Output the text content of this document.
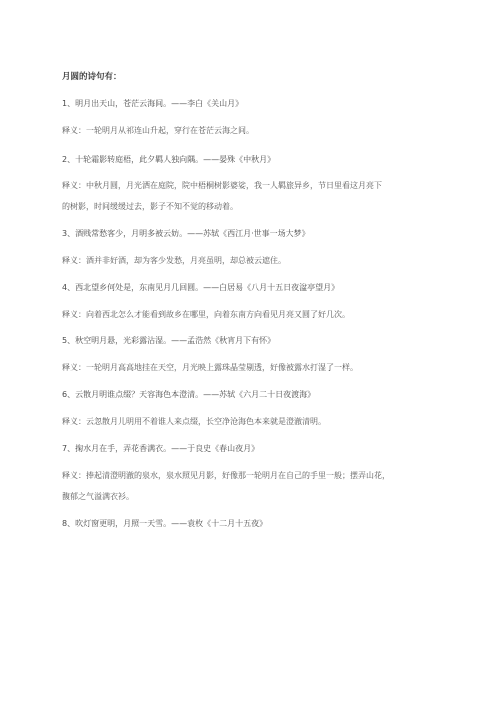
月圆的诗句有：
1、明月出天山，苍茫云海间。——李白《关山月》
释义：一轮明月从祁连山升起，穿行在苍茫云海之间。
2、十轮霜影转庭梧，此夕羁人独向隅。——晏殊《中秋月》
释义：中秋月圆，月光洒在庭院，院中梧桐树影婆娑，我一人羁旅异乡，节日里看这月亮下
的树影，时间缓缓过去，影子不知不觉的移动着。
3、酒贱常愁客少，月明多被云妨。——苏轼《西江月·世事一场大梦》
释义：酒并非好酒，却为客少发愁，月亮虽明，却总被云遮住。
4、西北望乡何处是，东南见月几回圆。——白居易《八月十五日夜湓亭望月》
释义：向着西北怎么才能看到故乡在哪里，向着东南方向看见月亮又圆了好几次。
5、秋空明月悬，光彩露沾湿。——孟浩然《秋宵月下有怀》
释义：一轮明月高高地挂在天空，月光映上露珠晶莹剔透，好像被露水打湿了一样。
6、云散月明谁点缀？天容海色本澄清。——苏轼《六月二十日夜渡海》
释义：云忽散月儿明用不着谁人来点缀，长空净沧海色本来就是澄澈清明。
7、掬水月在手，弄花香满衣。——于良史《春山夜月》
释义：捧起清澄明澈的泉水，泉水照见月影，好像那一轮明月在自己的手里一般；摆弄山花，
馥郁之气溢满衣衫。
8、吹灯窗更明，月照一天雪。——袁枚《十二月十五夜》
